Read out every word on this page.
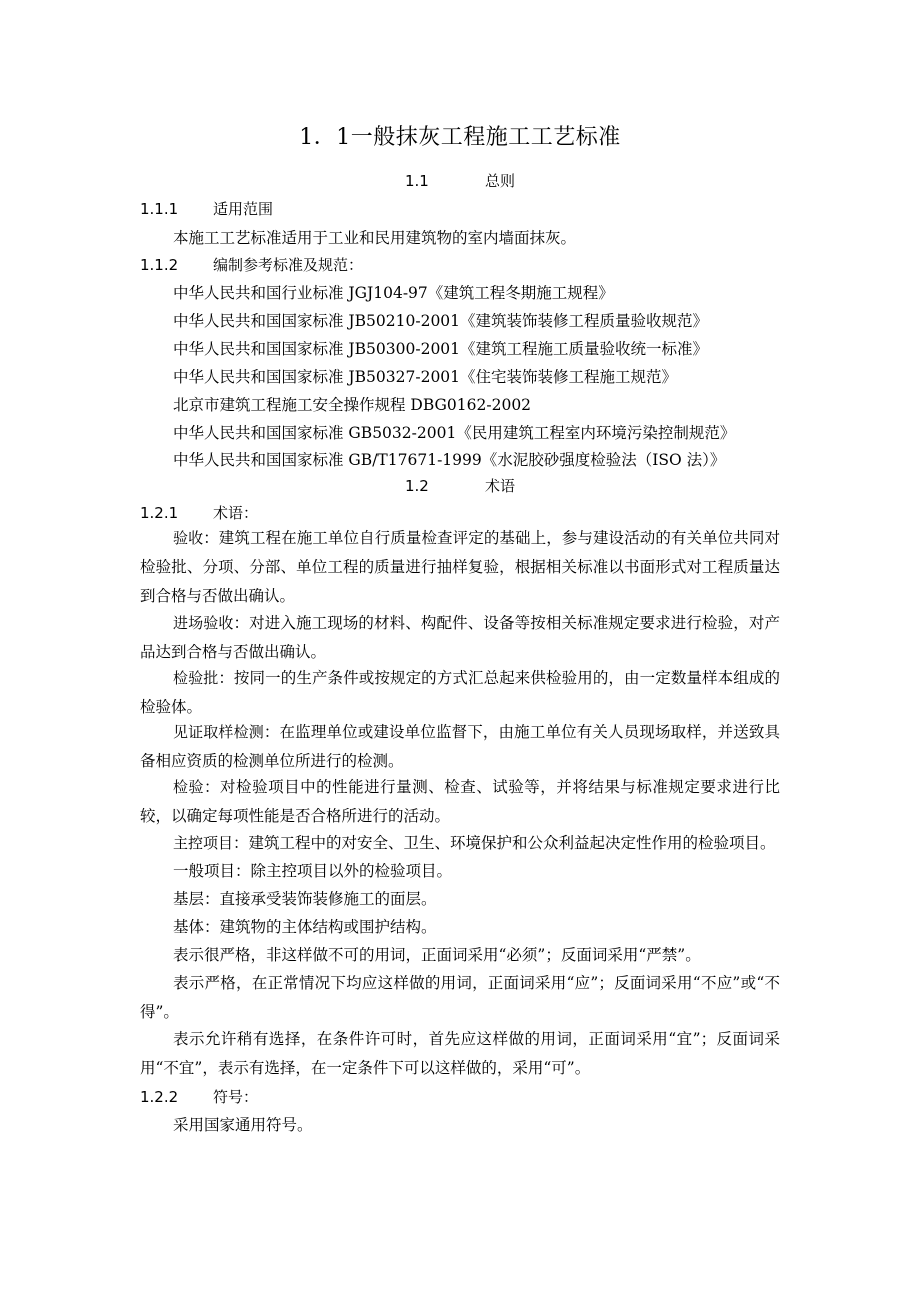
1．1一般抹灰工程施工工艺标准
1.1	总则
1.1.1 适用范围
本施工工艺标准适用于工业和民用建筑物的室内墙面抹灰。
1.1.2 编制参考标准及规范：
中华人民共和国行业标准 JGJ104-97《建筑工程冬期施工规程》
中华人民共和国国家标准 JB50210-2001《建筑装饰装修工程质量验收规范》
中华人民共和国国家标准 JB50300-2001《建筑工程施工质量验收统一标准》
中华人民共和国国家标准 JB50327-2001《住宅装饰装修工程施工规范》
北京市建筑工程施工安全操作规程 DBG0162-2002
中华人民共和国国家标准 GB5032-2001《民用建筑工程室内环境污染控制规范》
中华人民共和国国家标准 GB/T17671-1999《水泥胶砂强度检验法（ISO 法）》
1.2	术语
1.2.1 术语：
验收：建筑工程在施工单位自行质量检查评定的基础上，参与建设活动的有关单位共同对检验批、分项、分部、单位工程的质量进行抽样复验，根据相关标准以书面形式对工程质量达到合格与否做出确认。
进场验收：对进入施工现场的材料、构配件、设备等按相关标准规定要求进行检验，对产品达到合格与否做出确认。
检验批：按同一的生产条件或按规定的方式汇总起来供检验用的，由一定数量样本组成的检验体。
见证取样检测：在监理单位或建设单位监督下，由施工单位有关人员现场取样，并送致具备相应资质的检测单位所进行的检测。
检验：对检验项目中的性能进行量测、检查、试验等，并将结果与标准规定要求进行比较，以确定每项性能是否合格所进行的活动。
主控项目：建筑工程中的对安全、卫生、环境保护和公众利益起决定性作用的检验项目。
一般项目：除主控项目以外的检验项目。
基层：直接承受装饰装修施工的面层。
基体：建筑物的主体结构或围护结构。
表示很严格，非这样做不可的用词，正面词采用“必须”；反面词采用“严禁”。
表示严格，在正常情况下均应这样做的用词，正面词采用“应”；反面词采用“不应”或“不得”。
表示允许稍有选择，在条件许可时，首先应这样做的用词，正面词采用“宜”；反面词采用“不宜”，表示有选择，在一定条件下可以这样做的，采用“可”。
1.2.2 符号：
采用国家通用符号。
